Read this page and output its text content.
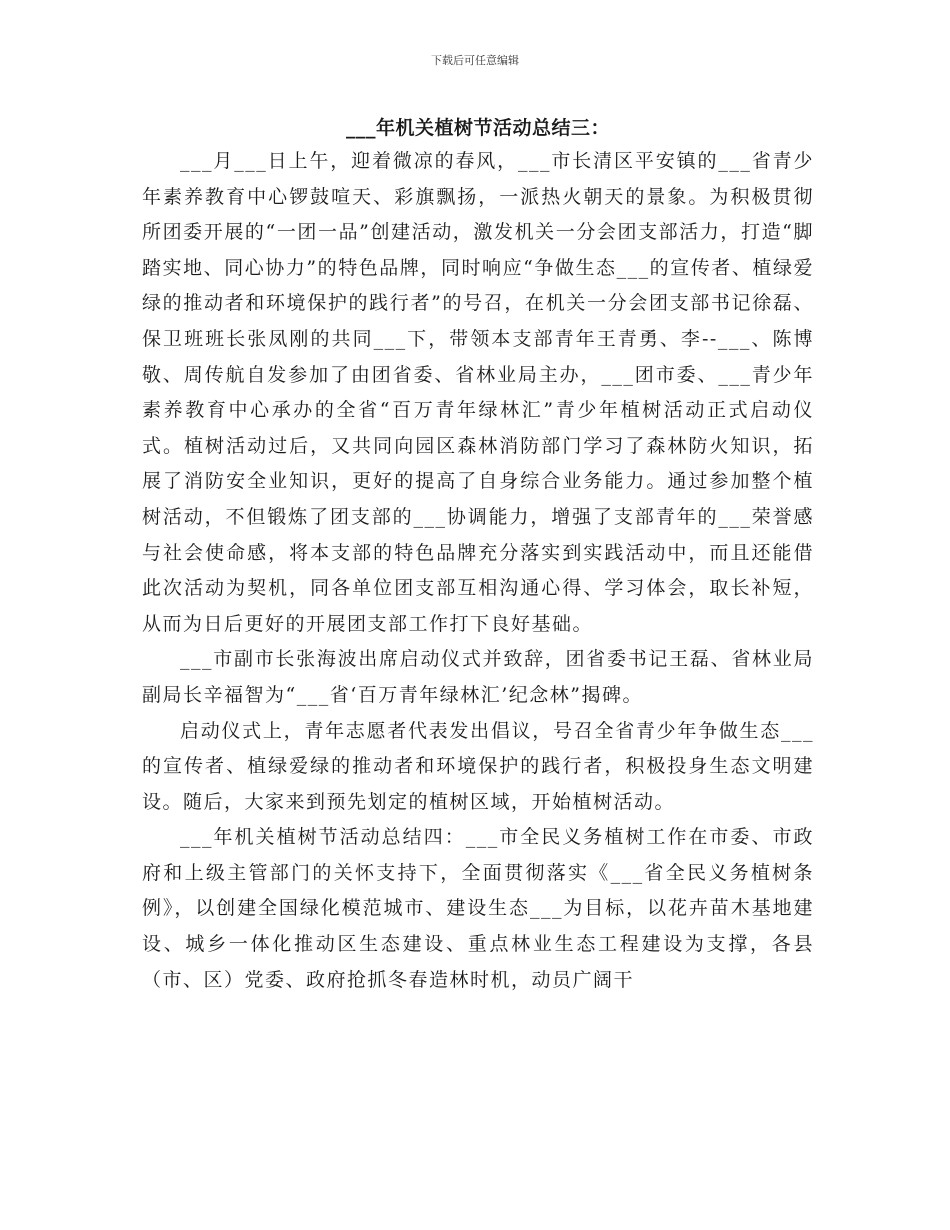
下载后可任意编辑
___年机关植树节活动总结三：

___月___日上午，迎着微凉的春风，___市长清区平安镇的___省青少年素养教育中心锣鼓喧天、彩旗飘扬，一派热火朝天的景象。为积极贯彻所团委开展的“一团一品”创建活动，激发机关一分会团支部活力，打造“脚踏实地、同心协力”的特色品牌，同时响应“争做生态___的宣传者、植绿爱绿的推动者和环境保护的践行者”的号召，在机关一分会团支部书记徐磊、保卫班班长张凤刚的共同___下，带领本支部青年王青勇、李--___、陈博敬、周传航自发参加了由团省委、省林业局主办，___团市委、___青少年素养教育中心承办的全省“百万青年绿林汇”青少年植树活动正式启动仪式。植树活动过后，又共同向园区森林消防部门学习了森林防火知识，拓展了消防安全业知识，更好的提高了自身综合业务能力。通过参加整个植树活动，不但锻炼了团支部的___协调能力，增强了支部青年的___荣誉感与社会使命感，将本支部的特色品牌充分落实到实践活动中，而且还能借此次活动为契机，同各单位团支部互相沟通心得、学习体会，取长补短，从而为日后更好的开展团支部工作打下良好基础。

___市副市长张海波出席启动仪式并致辞，团省委书记王磊、省林业局副局长辛福智为“___省‘百万青年绿林汇’纪念林”揭碑。

启动仪式上，青年志愿者代表发出倡议，号召全省青少年争做生态___的宣传者、植绿爱绿的推动者和环境保护的践行者，积极投身生态文明建设。随后，大家来到预先划定的植树区域，开始植树活动。

___年机关植树节活动总结四：___市全民义务植树工作在市委、市政府和上级主管部门的关怀支持下，全面贯彻落实《___省全民义务植树条例》，以创建全国绿化模范城市、建设生态___为目标，以花卉苗木基地建设、城乡一体化推动区生态建设、重点林业生态工程建设为支撑，各县（市、区）党委、政府抢抓冬春造林时机，动员广阔干
